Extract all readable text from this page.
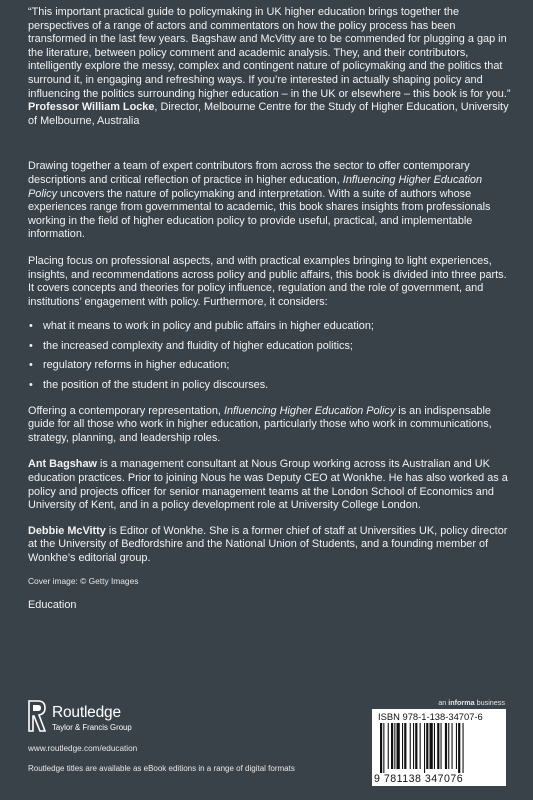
“This important practical guide to policymaking in UK higher education brings together the perspectives of a range of actors and commentators on how the policy process has been transformed in the last few years. Bagshaw and McVitty are to be commended for plugging a gap in the literature, between policy comment and academic analysis. They, and their contributors, intelligently explore the messy, complex and contingent nature of policymaking and the politics that surround it, in engaging and refreshing ways. If you’re interested in actually shaping policy and influencing the politics surrounding higher education – in the UK or elsewhere – this book is for you.”

Professor William Locke, Director, Melbourne Centre for the Study of Higher Education, University of Melbourne, Australia

Drawing together a team of expert contributors from across the sector to offer contemporary descriptions and critical reflection of practice in higher education, Influencing Higher Education Policy uncovers the nature of policymaking and interpretation. With a suite of authors whose experiences range from governmental to academic, this book shares insights from professionals working in the field of higher education policy to provide useful, practical, and implementable information.

Placing focus on professional aspects, and with practical examples bringing to light experiences, insights, and recommendations across policy and public affairs, this book is divided into three parts. It covers concepts and theories for policy influence, regulation and the role of government, and institutions’ engagement with policy. Furthermore, it considers:

• what it means to work in policy and public affairs in higher education;
• the increased complexity and fluidity of higher education politics;
• regulatory reforms in higher education;
• the position of the student in policy discourses.

Offering a contemporary representation, Influencing Higher Education Policy is an indispensable guide for all those who work in higher education, particularly those who work in communications, strategy, planning, and leadership roles.

Ant Bagshaw is a management consultant at Nous Group working across its Australian and UK education practices. Prior to joining Nous he was Deputy CEO at Wonkhe. He has also worked as a policy and projects officer for senior management teams at the London School of Economics and University of Kent, and in a policy development role at University College London.

Debbie McVitty is Editor of Wonkhe. She is a former chief of staff at Universities UK, policy director at the University of Bedfordshire and the National Union of Students, and a founding member of Wonkhe’s editorial group.

Cover image: © Getty Images

Education

Routledge
Taylor & Francis Group
www.routledge.com/education
Routledge titles are available as eBook editions in a range of digital formats
an informa business
ISBN 978-1-138-34707-6
9 781138 347076
